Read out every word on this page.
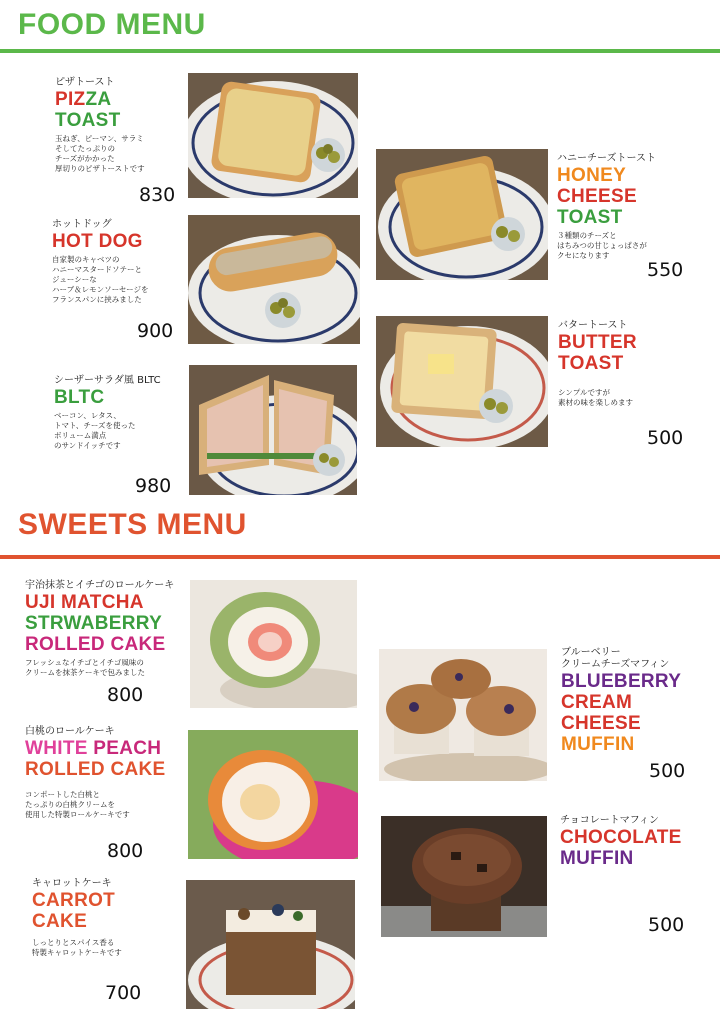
FOOD MENU
ピザトースト
PIZZA
TOAST
玉ねぎ、ピーマン、サラミ
そしてたっぷりの
チーズがかかった
厚切りのピザトーストです
830
ホットドッグ
HOT DOG
自家製のキャベツの
ハニーマスタードソテーと
ジューシーな
ハーブ＆レモンソーセージを
フランスパンに挟みました
900
シーザーサラダ風 BLTC
BLTC
ベーコン、レタス、
トマト、チーズを使った
ボリューム満点
のサンドイッチです
980
ハニーチーズトースト
HONEY
CHEESE
TOAST
３種類のチーズと
はちみつの甘じょっぱさが
クセになります
550
バタートースト
BUTTER
TOAST
シンプルですが
素材の味を楽しめます
500
SWEETS MENU
宇治抹茶とイチゴのロールケーキ
UJI MATCHA
STRWABERRY
ROLLED CAKE
フレッシュなイチゴとイチゴ風味の
クリームを抹茶ケーキで包みました
800
白桃のロールケーキ
WHITE PEACH
ROLLED CAKE
コンポートした白桃と
たっぷりの白桃クリームを
使用した特製ロールケーキです
800
キャロットケーキ
CARROT
CAKE
しっとりとスパイス香る
特製キャロットケーキです
700
ブルーベリー
クリームチーズマフィン
BLUEBERRY
CREAM
CHEESE
MUFFIN
500
チョコレートマフィン
CHOCOLATE
MUFFIN
500
